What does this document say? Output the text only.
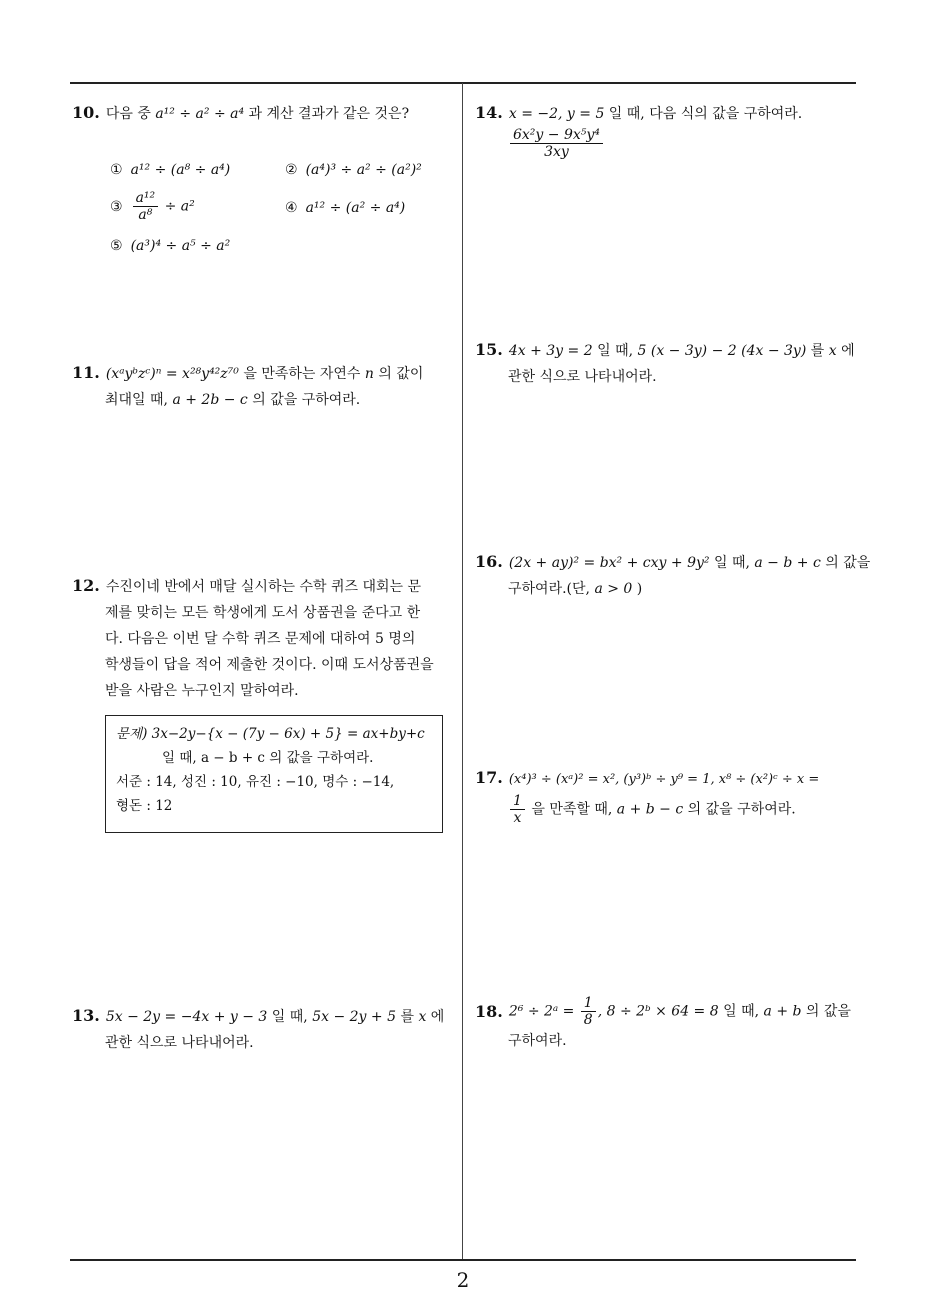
10. 다음 중 a¹² ÷ a² ÷ a⁴ 과 계산 결과가 같은 것은?
① a¹² ÷ (a⁸ ÷ a⁴)	② (a⁴)³ ÷ a² ÷ (a²)²
③ $\frac{\text{a¹²}}{\text{a⁸}} \div a^2$	④ a¹² ÷ (a² ÷ a⁴)
⑤ (a³)⁴ ÷ a⁵ ÷ a²
11. (xᵃyᵇzᶜ)ⁿ = x²⁸y⁴²z⁷⁰ 을 만족하는 자연수 n 의 값이
최대일 때, a + 2b − c 의 값을 구하여라.
12. 수진이네 반에서 매달 실시하는 수학 퀴즈 대회는 문
제를 맞히는 모든 학생에게 도서 상품권을 준다고 한
다. 다음은 이번 달 수학 퀴즈 문제에 대하여 5 명의
학생들이 답을 적어 제출한 것이다. 이때 도서상품권을
받을 사람은 누구인지 말하여라.
문제) 3x−2y−{x − (7y − 6x) + 5} = ax+by+c
일 때, a − b + c 의 값을 구하여라.
서준 : 14, 성진 : 10, 유진 : −10, 명수 : −14,
형돈 : 12
13. 5x − 2y = −4x + y − 3 일 때, 5x − 2y + 5 를 x 에
관한 식으로 나타내어라.
14. x = −2, y = 5 일 때, 다음 식의 값을 구하여라.
$\frac{\text{6x²y − 9x⁵y⁴}}{3xy}$
15. 4x + 3y = 2 일 때, 5 (x − 3y) − 2 (4x − 3y) 를 x 에
관한 식으로 나타내어라.
16. (2x + ay)² = bx² + cxy + 9y² 일 때, a − b + c 의 값을
구하여라.(단, a > 0 )
17. (x⁴)³ ÷ (xᵃ)² = x², (y³)ᵇ ÷ y⁹ = 1, x⁸ ÷ (x²)ᶜ ÷ x =
$\frac{1}{x}$ 을 만족할 때, a + b − c 의 값을 구하여라.
18. 2⁶ ÷ 2ᵃ = $\frac{1}{8}$ , 8 ÷ 2ᵇ × 64 = 8 일 때, a + b 의 값을
구하여라.
2
